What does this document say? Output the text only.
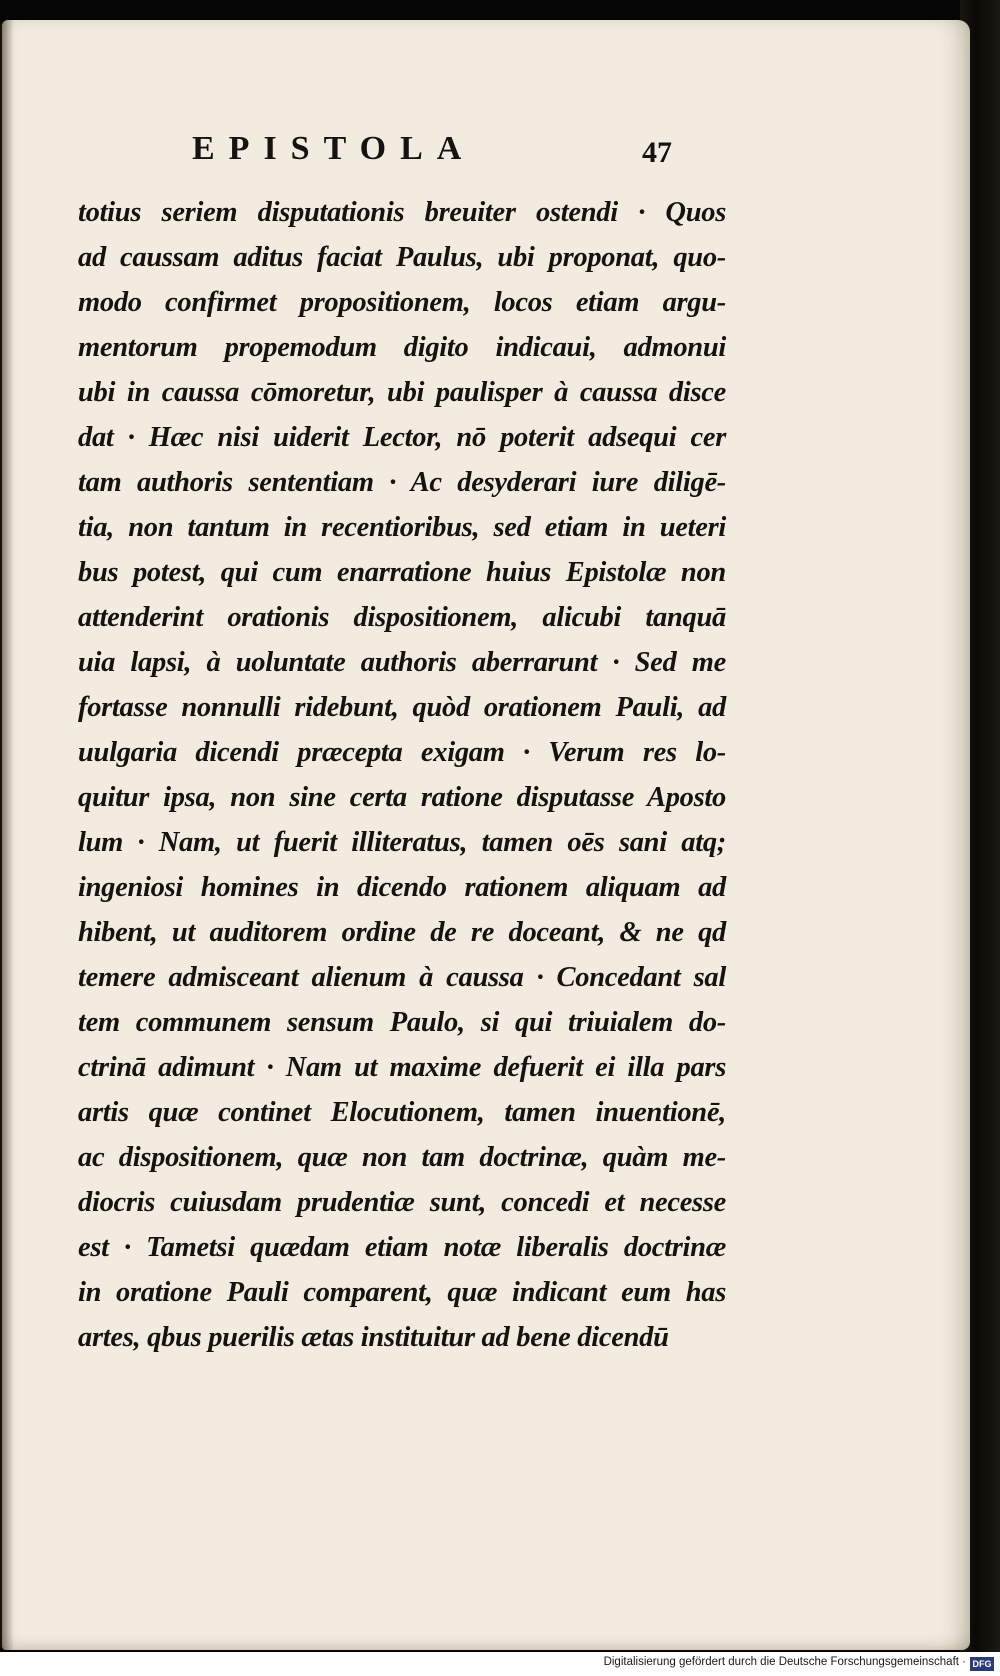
EPISTOLA	47
totius seriem disputationis breuiter ostendi · Quos
ad caussam aditus faciat Paulus, ubi proponat, quo-
modo confirmet propositionem, locos etiam argu-
mentorum propemodum digito indicaui, admonui
ubi in caussa cōmoretur, ubi paulisper à caussa disce
dat · Hæc nisi uiderit Lector, nō poterit adsequi cer
tam authoris sententiam · Ac desyderari iure diligē-
tia, non tantum in recentioribus, sed etiam in ueteri
bus potest, qui cum enarratione huius Epistolæ non
attenderint orationis dispositionem, alicubi tanquā
uia lapsi, à uoluntate authoris aberrarunt · Sed me
fortasse nonnulli ridebunt, quòd orationem Pauli, ad
uulgaria dicendi præcepta exigam · Verum res lo-
quitur ipsa, non sine certa ratione disputasse Aposto
lum · Nam, ut fuerit illiteratus, tamen oēs sani atq;
ingeniosi homines in dicendo rationem aliquam ad
hibent, ut auditorem ordine de re doceant, & ne qd
temere admisceant alienum à caussa · Concedant sal
tem communem sensum Paulo, si qui triuialem do-
ctrinā adimunt · Nam ut maxime defuerit ei illa pars
artis quæ continet Elocutionem, tamen inuentionē,
ac dispositionem, quæ non tam doctrinæ, quàm me-
diocris cuiusdam prudentiæ sunt, concedi et necesse
est · Tametsi quædam etiam notæ liberalis doctrinæ
in oratione Pauli comparent, quæ indicant eum has
artes, qbus puerilis ætas instituitur ad bene dicendū
Digitalisierung gefördert durch die Deutsche Forschungsgemeinschaft · DFG
